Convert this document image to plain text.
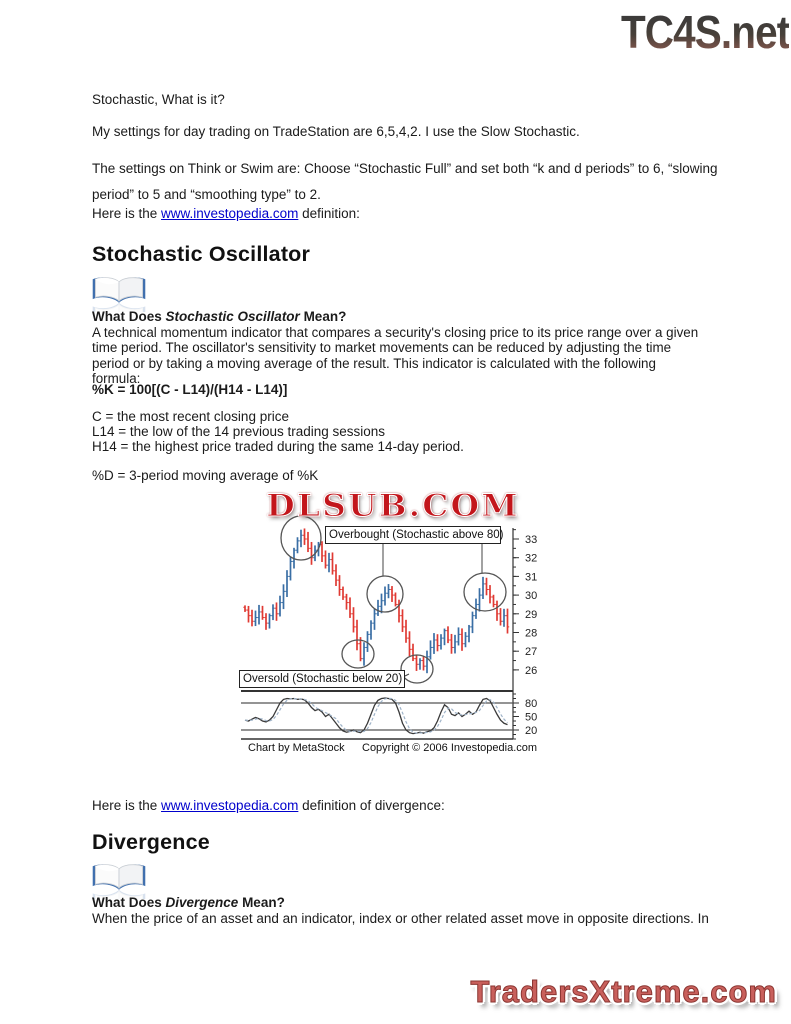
TC4S.net
Stochastic, What is it?
My settings for day trading on TradeStation are 6,5,4,2. I use the Slow Stochastic.
The settings on Think or Swim are: Choose “Stochastic Full” and set both “k and d periods” to 6, “slowing period” to 5 and “smoothing type” to 2.
Here is the www.investopedia.com definition:
Stochastic Oscillator
What Does Stochastic Oscillator Mean?
A technical momentum indicator that compares a security's closing price to its price range over a given time period. The oscillator's sensitivity to market movements can be reduced by adjusting the time period or by taking a moving average of the result. This indicator is calculated with the following formula:
%K = 100[(C - L14)/(H14 - L14)]
C = the most recent closing price
L14 = the low of the 14 previous trading sessions
H14 = the highest price traded during the same 14-day period.
%D = 3-period moving average of %K
33
32
31
30
29
28
27
26
80
50
20
DLSUB.COM
Overbought (Stochastic above 80)
Oversold (Stochastic below 20)
Chart by MetaStock Copyright © 2006 Investopedia.com
Here is the www.investopedia.com definition of divergence:
Divergence
What Does Divergence Mean?
When the price of an asset and an indicator, index or other related asset move in opposite directions. In
TradersXtreme.com
